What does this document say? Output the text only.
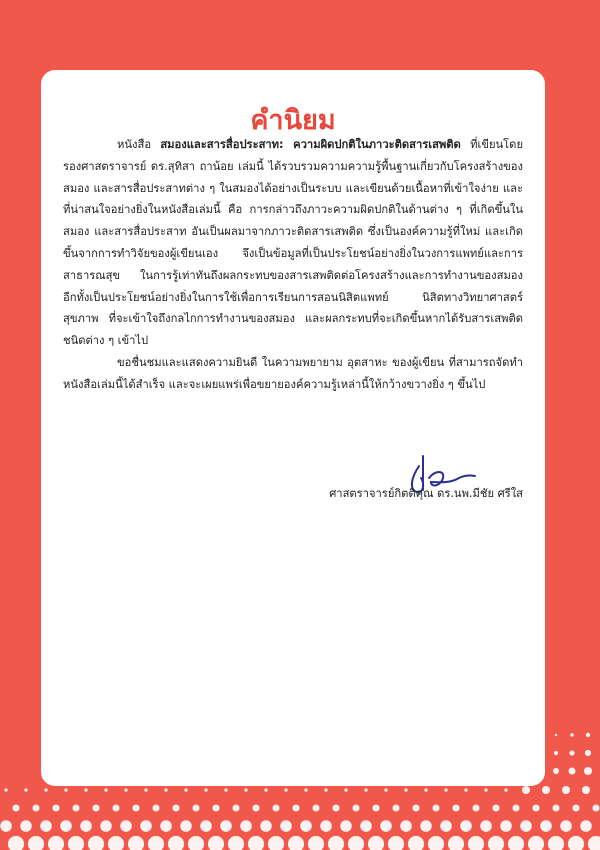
คำนิยม

หนังสือ สมองและสารสื่อประสาท: ความผิดปกติในภาวะติดสารเสพติด ที่เขียนโดย รองศาสตราจารย์ ดร.สุทิสา ถาน้อย เล่มนี้ ได้รวบรวมความความรู้พื้นฐานเกี่ยวกับโครงสร้างของสมอง และสารสื่อประสาทต่าง ๆ ในสมองได้อย่างเป็นระบบ และเขียนด้วยเนื้อหาที่เข้าใจง่าย และที่น่าสนใจอย่างยิ่งในหนังสือเล่มนี้ คือ การกล่าวถึงภาวะความผิดปกติในด้านต่าง ๆ ที่เกิดขึ้นในสมอง และสารสื่อประสาท อันเป็นผลมาจากภาวะติดสารเสพติด ซึ่งเป็นองค์ความรู้ที่ใหม่ และเกิดขึ้นจากการทำวิจัยของผู้เขียนเอง จึงเป็นข้อมูลที่เป็นประโยชน์อย่างยิ่งในวงการแพทย์และการสาธารณสุข ในการรู้เท่าทันถึงผลกระทบของสารเสพติดต่อโครงสร้างและการทำงานของสมอง อีกทั้งเป็นประโยชน์อย่างยิ่งในการใช้เพื่อการเรียนการสอนนิสิตแพทย์ นิสิตทางวิทยาศาสตร์สุขภาพ ที่จะเข้าใจถึงกลไกการทำงานของสมอง และผลกระทบที่จะเกิดขึ้นหากได้รับสารเสพติดชนิดต่าง ๆ เข้าไป

ขอชื่นชมและแสดงความยินดี ในความพยายาม อุตสาหะ ของผู้เขียน ที่สามารถจัดทำหนังสือเล่มนี้ได้สำเร็จ และจะเผยแพร่เพื่อขยายองค์ความรู้เหล่านี้ให้กว้างขวางยิ่ง ๆ ขึ้นไป

ศาสตราจารย์กิตติคุณ ดร.นพ.มีชัย ศรีใส
